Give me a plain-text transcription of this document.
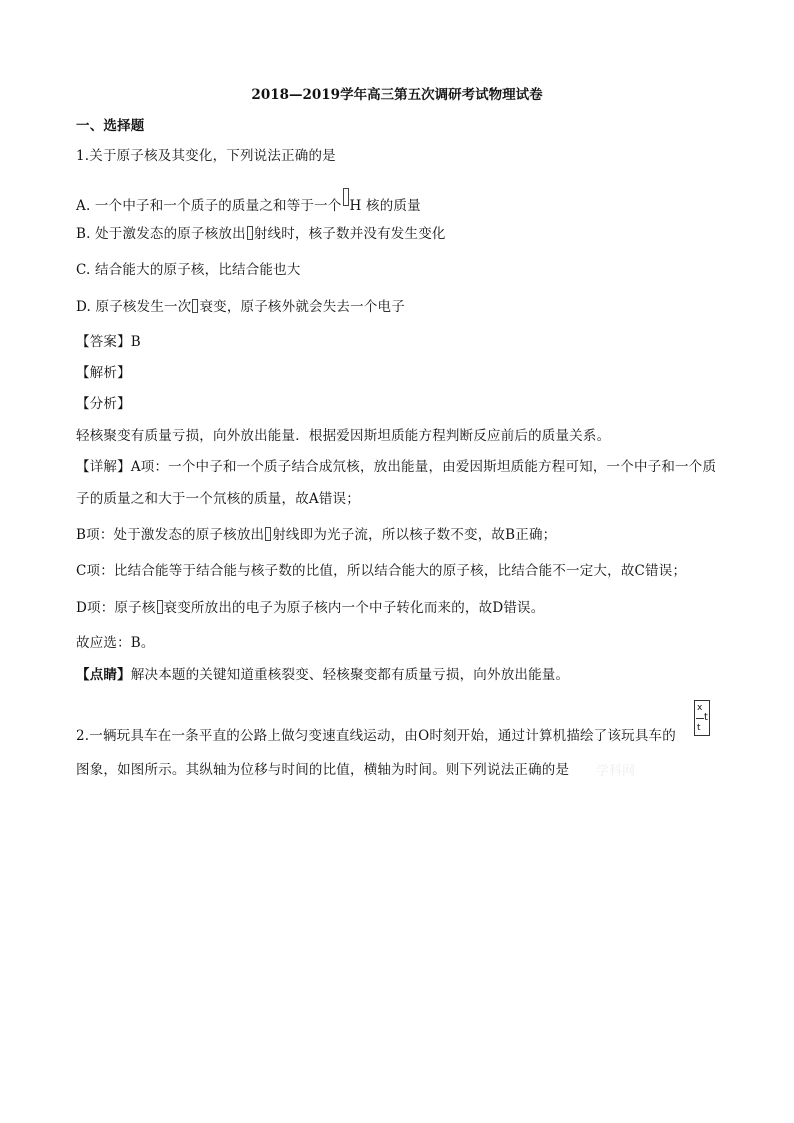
2018—2019学年高三第五次调研考试物理试卷
一、选择题
1.关于原子核及其变化，下列说法正确的是
A. 一个中子和一个质子的质量之和等于一个 H 核的质量
B. 处于激发态的原子核放出 射线时，核子数并没有发生变化
C. 结合能大的原子核，比结合能也大
D. 原子核发生一次 衰变，原子核外就会失去一个电子
【答案】B
【解析】
【分析】
轻核聚变有质量亏损，向外放出能量．根据爱因斯坦质能方程判断反应前后的质量关系。
【详解】A项：一个中子和一个质子结合成氘核，放出能量，由爱因斯坦质能方程可知，一个中子和一个质
子的质量之和大于一个氘核的质量，故A错误；
B项：处于激发态的原子核放出 射线即为光子流，所以核子数不变，故B正确；
C项：比结合能等于结合能与核子数的比值，所以结合能大的原子核，比结合能不一定大，故C错误；
D项：原子核 衰变所放出的电子为原子核内一个中子转化而来的，故D错误。
故应选：B。
【点睛】解决本题的关键知道重核裂变、轻核聚变都有质量亏损，向外放出能量。
2.一辆玩具车在一条平直的公路上做匀变速直线运动，由O时刻开始，通过计算机描绘了该玩具车的
x
t
t
图象，如图所示。其纵轴为位移与时间的比值，横轴为时间。则下列说法正确的是 学科网
